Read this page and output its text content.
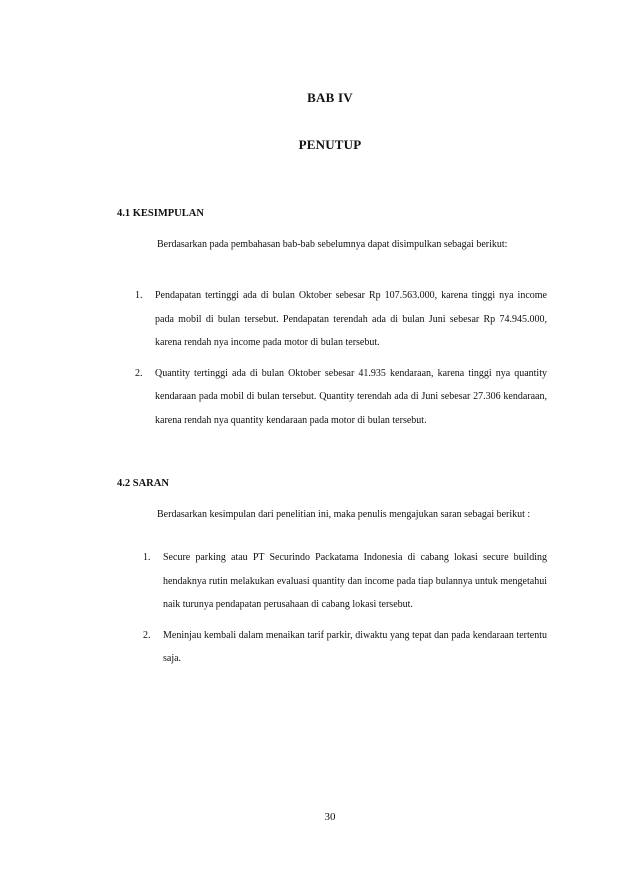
BAB IV
PENUTUP
4.1 KESIMPULAN

Berdasarkan pada pembahasan bab-bab sebelumnya dapat disimpulkan sebagai berikut:

1. Pendapatan tertinggi ada di bulan Oktober sebesar Rp 107.563.000, karena tinggi nya income pada mobil di bulan tersebut. Pendapatan terendah ada di bulan Juni sebesar Rp 74.945.000, karena rendah nya income pada motor di bulan tersebut.
2. Quantity tertinggi ada di bulan Oktober sebesar 41.935 kendaraan, karena tinggi nya quantity kendaraan pada mobil di bulan tersebut. Quantity terendah ada di Juni sebesar 27.306 kendaraan, karena rendah nya quantity kendaraan pada motor di bulan tersebut.
4.2 SARAN

Berdasarkan kesimpulan dari penelitian ini, maka penulis mengajukan saran sebagai berikut :

1. Secure parking atau PT Securindo Packatama Indonesia di cabang lokasi secure building hendaknya rutin melakukan evaluasi quantity dan income pada tiap bulannya untuk mengetahui naik turunya pendapatan perusahaan di cabang lokasi tersebut.
2. Meninjau kembali dalam menaikan tarif parkir, diwaktu yang tepat dan pada kendaraan tertentu saja.
30
